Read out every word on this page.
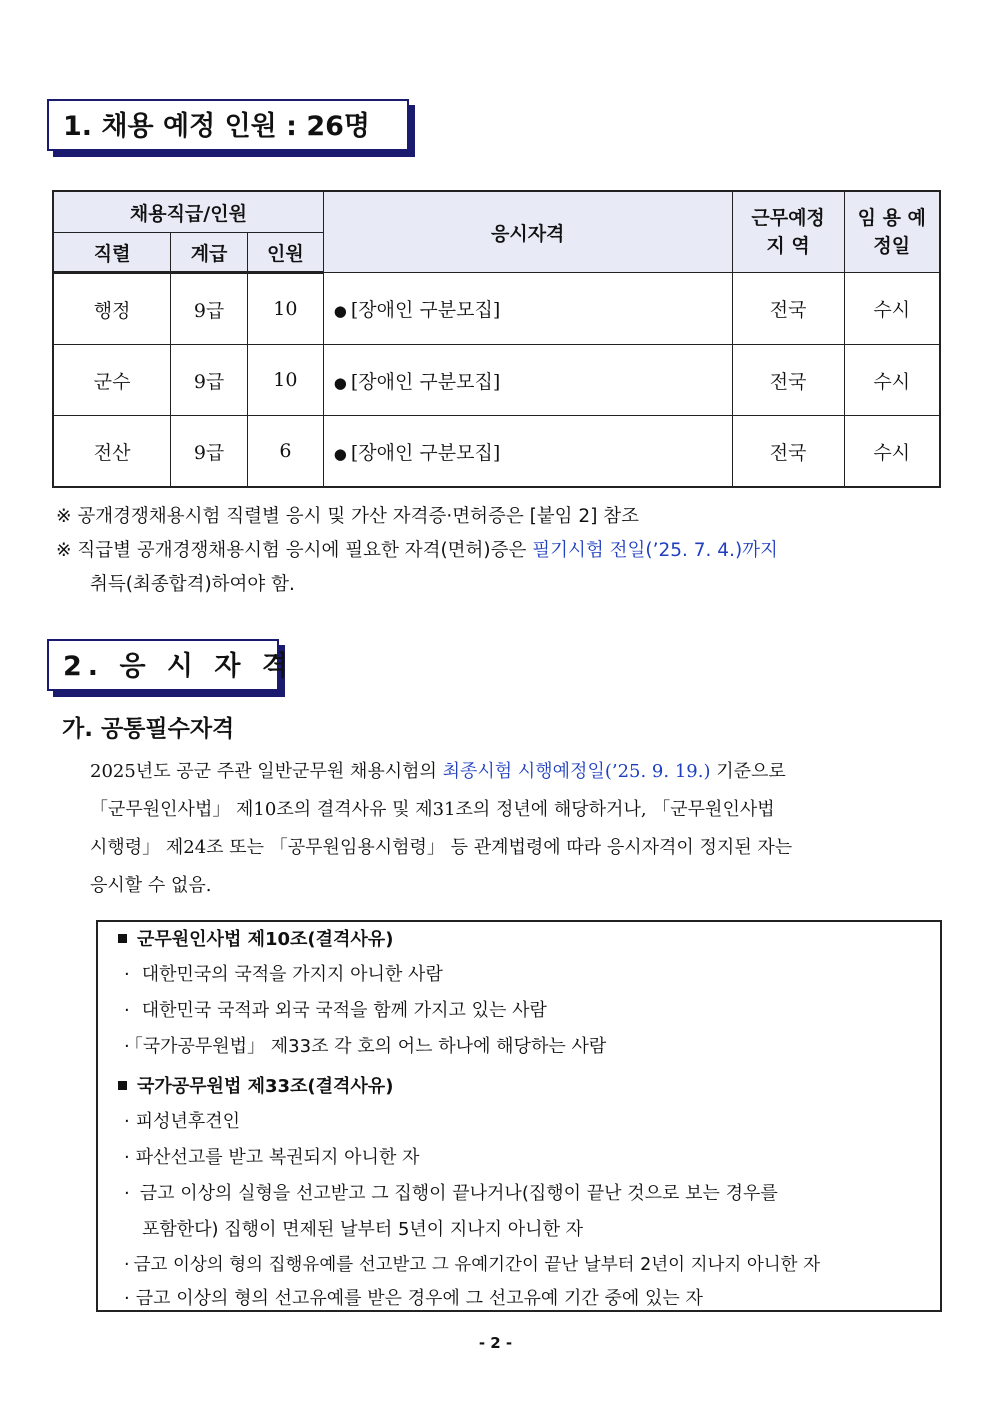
1. 채용 예정 인원 : 26명
채용직급/인원			응시자격	근무예정 지 역	임 용 예정일
직렬	계급	인원			
행정	9급	10	● [장애인 구분모집]	전국	수시
군수	9급	10	● [장애인 구분모집]	전국	수시
전산	9급	6	● [장애인 구분모집]	전국	수시
※ 공개경쟁채용시험 직렬별 응시 및 가산 자격증·면허증은 [붙임 2] 참조
※ 직급별 공개경쟁채용시험 응시에 필요한 자격(면허)증은 필기시험 전일(’25. 7. 4.)까지
취득(최종합격)하여야 함.
2. 응 시 자 격
가. 공통필수자격
2025년도 공군 주관 일반군무원 채용시험의 최종시험 시행예정일(’25. 9. 19.) 기준으로
「군무원인사법」 제10조의 결격사유 및 제31조의 정년에 해당하거나, 「군무원인사법
시행령」 제24조 또는 「공무원임용시험령」 등 관계법령에 따라 응시자격이 정지된 자는
응시할 수 없음.
군무원인사법 제10조(결격사유)
· 대한민국의 국적을 가지지 아니한 사람
· 대한민국 국적과 외국 국적을 함께 가지고 있는 사람
· 「국가공무원법」 제33조 각 호의 어느 하나에 해당하는 사람
국가공무원법 제33조(결격사유)
· 피성년후견인
· 파산선고를 받고 복권되지 아니한 자
· 금고 이상의 실형을 선고받고 그 집행이 끝나거나(집행이 끝난 것으로 보는 경우를
포함한다) 집행이 면제된 날부터 5년이 지나지 아니한 자
· 금고 이상의 형의 집행유예를 선고받고 그 유예기간이 끝난 날부터 2년이 지나지 아니한 자
· 금고 이상의 형의 선고유예를 받은 경우에 그 선고유예 기간 중에 있는 자
- 2 -
